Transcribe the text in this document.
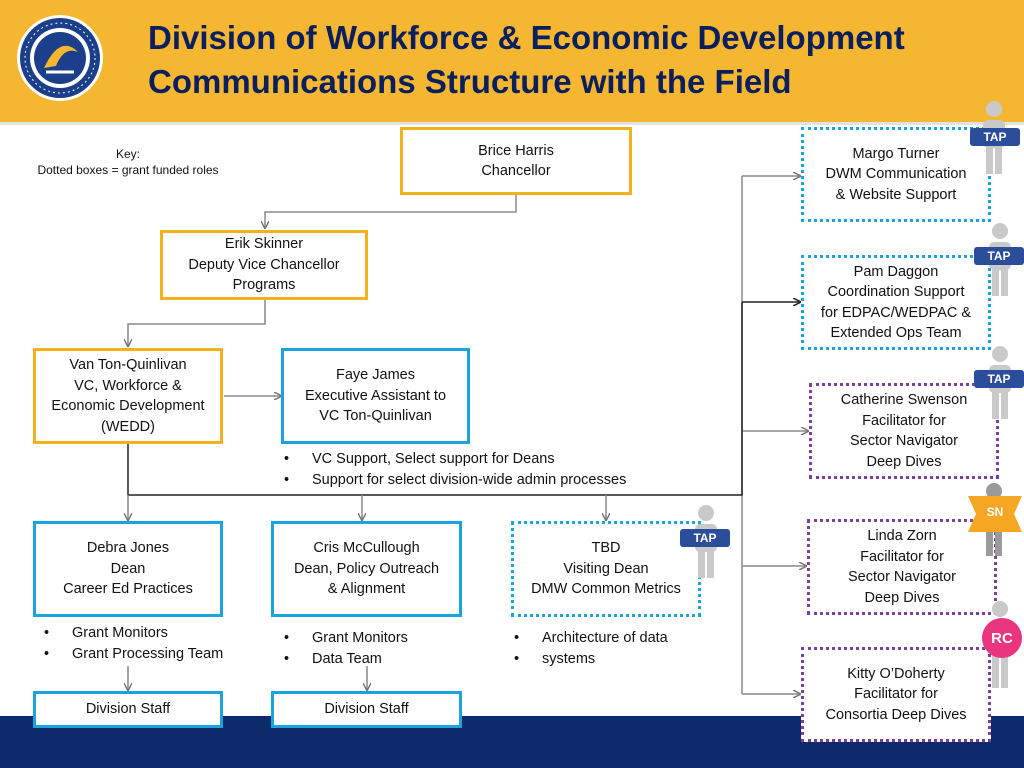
Division of Workforce & Economic Development
Communications Structure with the Field
Key:
Dotted boxes = grant funded roles
Brice Harris
Chancellor
Erik Skinner
Deputy Vice Chancellor
Programs
Van Ton-Quinlivan
VC, Workforce &
Economic Development
(WEDD)
Faye James
Executive Assistant to
VC Ton-Quinlivan
• VC Support, Select support for Deans
• Support for select division-wide admin processes
Debra Jones
Dean
Career Ed Practices
Cris McCullough
Dean, Policy Outreach
& Alignment
TBD
Visiting Dean
DMW Common Metrics
• Grant Monitors
• Grant Processing Team
• Grant Monitors
• Data Team
• Architecture of data
• systems
Division Staff	Division Staff
Margo Turner
DWM Communication
& Website Support
Pam Daggon
Coordination Support
for EDPAC/WEDPAC &
Extended Ops Team
Catherine Swenson
Facilitator for
Sector Navigator
Deep Dives
Linda Zorn
Facilitator for
Sector Navigator
Deep Dives
Kitty O’Doherty
Facilitator for
Consortia Deep Dives
TAP
TAP
TAP
SN
RC
TAP
